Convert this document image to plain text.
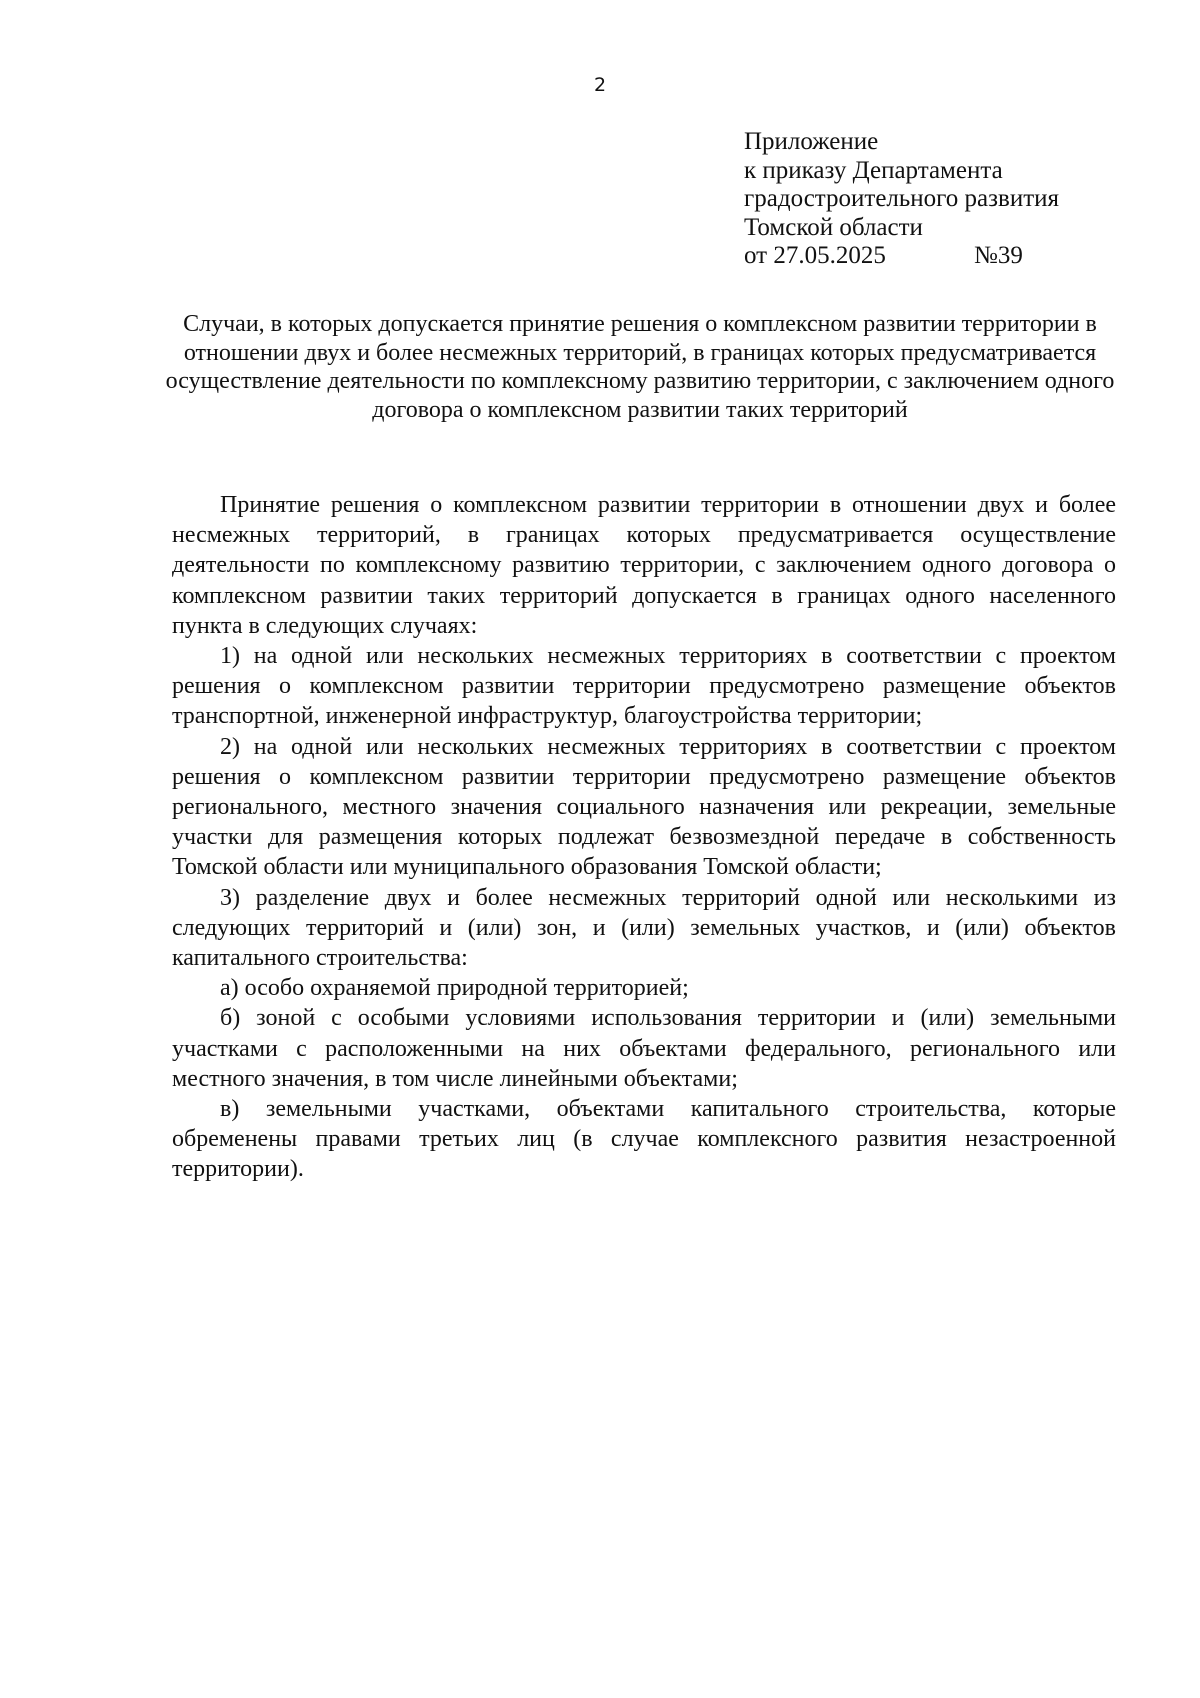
2
Приложение
к приказу Департамента
градостроительного развития
Томской области
от 27.05.2025	№39
Случаи, в которых допускается принятие решения о комплексном развитии территории в отношении двух и более несмежных территорий, в границах которых предусматривается осуществление деятельности по комплексному развитию территории, с заключением одного договора о комплексном развитии таких территорий

Принятие решения о комплексном развитии территории в отношении двух и более несмежных территорий, в границах которых предусматривается осуществление деятельности по комплексному развитию территории, с заключением одного договора о комплексном развитии таких территорий допускается в границах одного населенного пункта в следующих случаях:

1) на одной или нескольких несмежных территориях в соответствии с проектом решения о комплексном развитии территории предусмотрено размещение объектов транспортной, инженерной инфраструктур, благоустройства территории;

2) на одной или нескольких несмежных территориях в соответствии с проектом решения о комплексном развитии территории предусмотрено размещение объектов регионального, местного значения социального назначения или рекреации, земельные участки для размещения которых подлежат безвозмездной передаче в собственность Томской области или муниципального образования Томской области;

3) разделение двух и более несмежных территорий одной или несколькими из следующих территорий и (или) зон, и (или) земельных участков, и (или) объектов капитального строительства:

а) особо охраняемой природной территорией;

б) зоной с особыми условиями использования территории и (или) земельными участками с расположенными на них объектами федерального, регионального или местного значения, в том числе линейными объектами;

в) земельными участками, объектами капитального строительства, которые обременены правами третьих лиц (в случае комплексного развития незастроенной территории).
